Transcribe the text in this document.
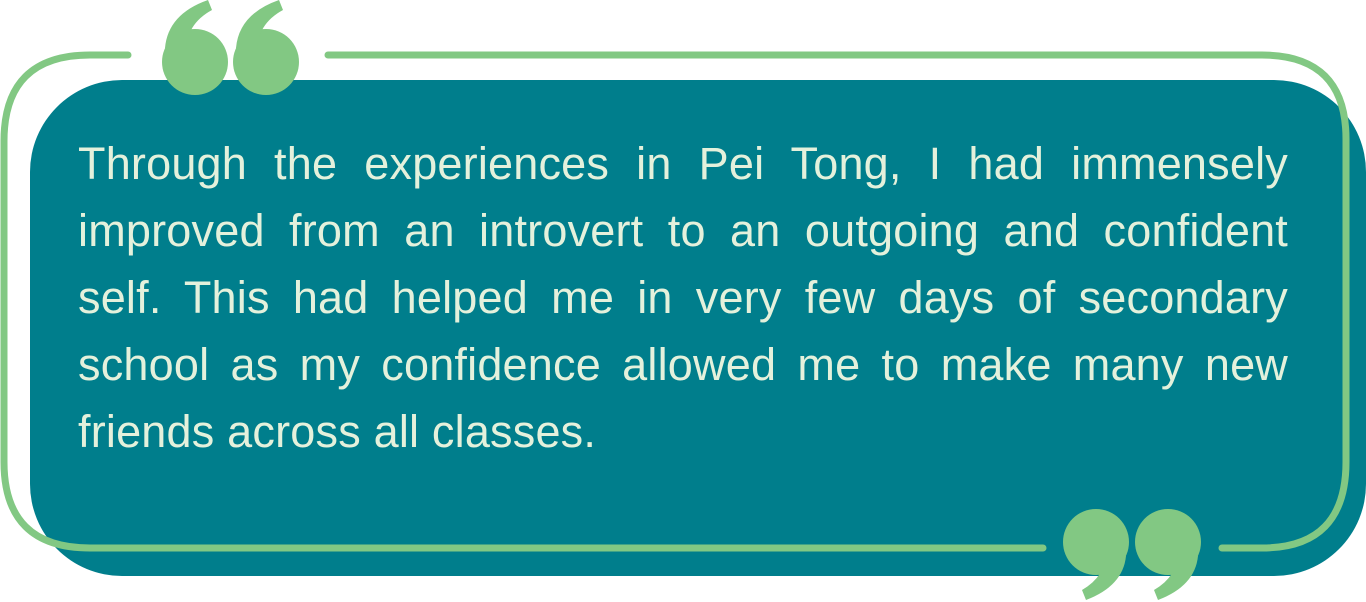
Through the experiences in Pei Tong, I had immensely improved from an introvert to an outgoing and confident self. This had helped me in very few days of secondary school as my confidence allowed me to make many new friends across all classes.
